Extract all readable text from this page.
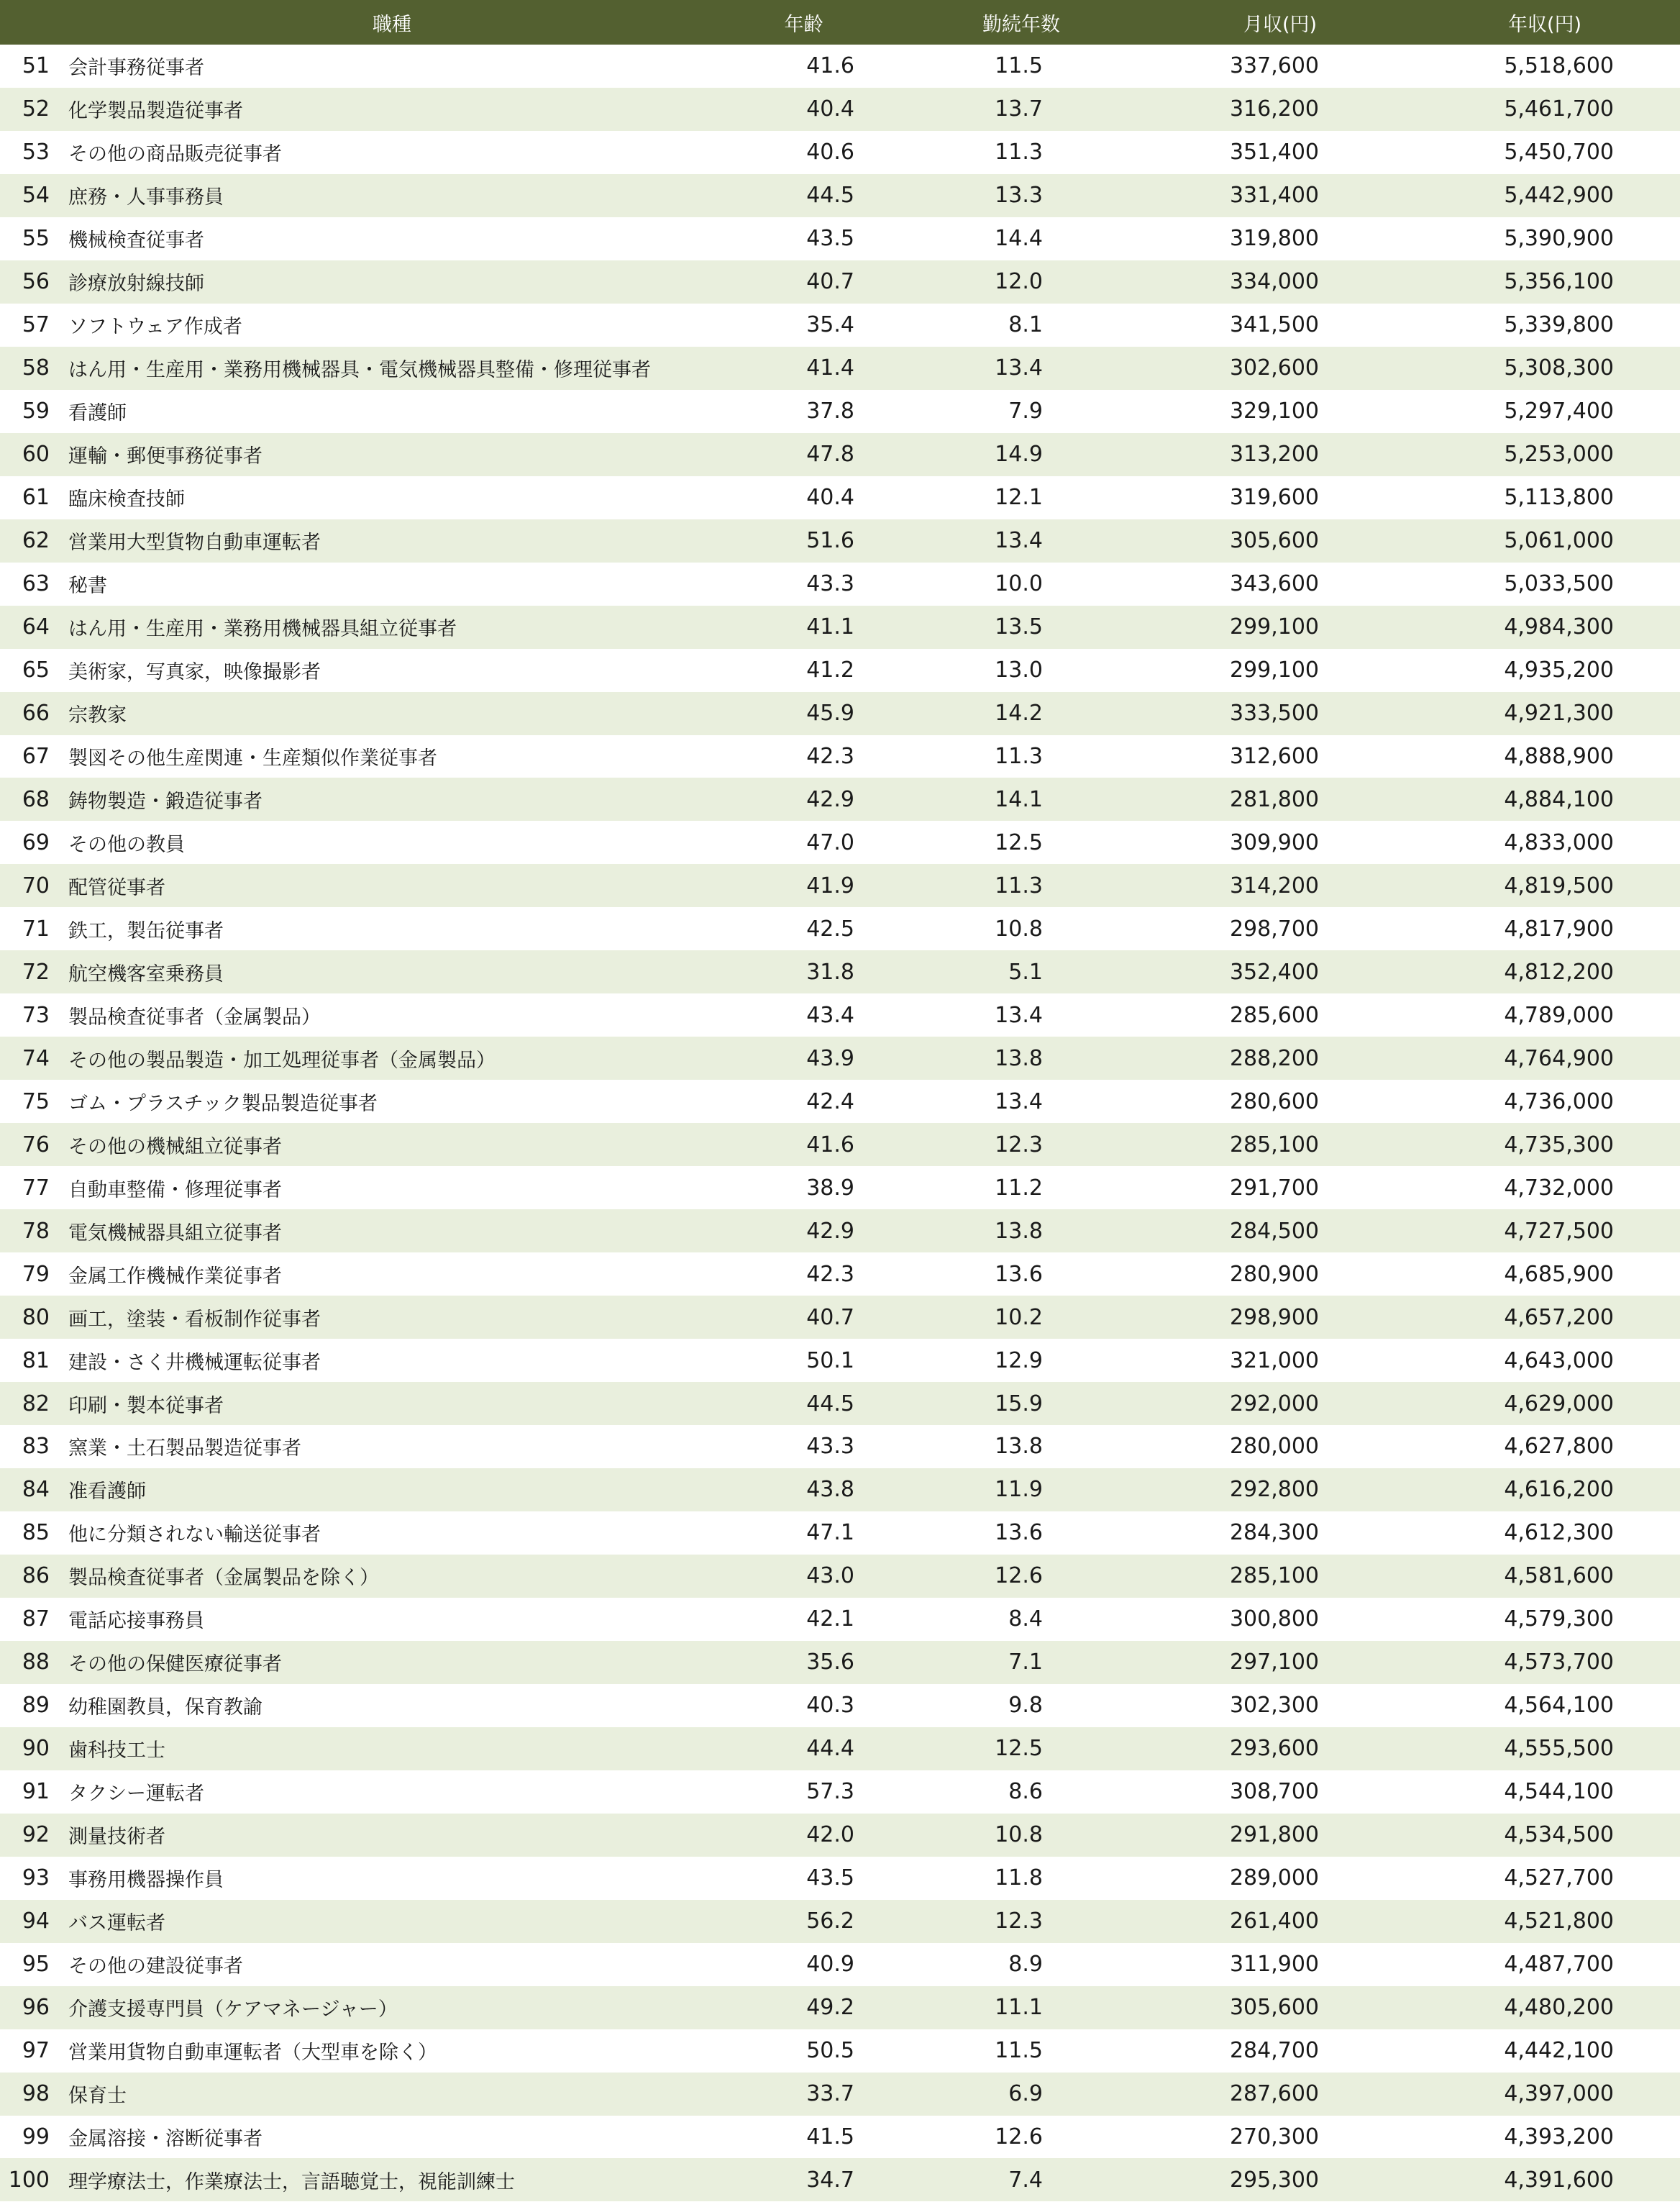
	職種	年齢	勤続年数	月収(円)	年収(円)
51	会計事務従事者	41.6	11.5	337,600	5,518,600
52	化学製品製造従事者	40.4	13.7	316,200	5,461,700
53	その他の商品販売従事者	40.6	11.3	351,400	5,450,700
54	庶務・人事事務員	44.5	13.3	331,400	5,442,900
55	機械検査従事者	43.5	14.4	319,800	5,390,900
56	診療放射線技師	40.7	12.0	334,000	5,356,100
57	ソフトウェア作成者	35.4	8.1	341,500	5,339,800
58	はん用・生産用・業務用機械器具・電気機械器具整備・修理従事者	41.4	13.4	302,600	5,308,300
59	看護師	37.8	7.9	329,100	5,297,400
60	運輸・郵便事務従事者	47.8	14.9	313,200	5,253,000
61	臨床検査技師	40.4	12.1	319,600	5,113,800
62	営業用大型貨物自動車運転者	51.6	13.4	305,600	5,061,000
63	秘書	43.3	10.0	343,600	5,033,500
64	はん用・生産用・業務用機械器具組立従事者	41.1	13.5	299,100	4,984,300
65	美術家，写真家，映像撮影者	41.2	13.0	299,100	4,935,200
66	宗教家	45.9	14.2	333,500	4,921,300
67	製図その他生産関連・生産類似作業従事者	42.3	11.3	312,600	4,888,900
68	鋳物製造・鍛造従事者	42.9	14.1	281,800	4,884,100
69	その他の教員	47.0	12.5	309,900	4,833,000
70	配管従事者	41.9	11.3	314,200	4,819,500
71	鉄工，製缶従事者	42.5	10.8	298,700	4,817,900
72	航空機客室乗務員	31.8	5.1	352,400	4,812,200
73	製品検査従事者（金属製品）	43.4	13.4	285,600	4,789,000
74	その他の製品製造・加工処理従事者（金属製品）	43.9	13.8	288,200	4,764,900
75	ゴム・プラスチック製品製造従事者	42.4	13.4	280,600	4,736,000
76	その他の機械組立従事者	41.6	12.3	285,100	4,735,300
77	自動車整備・修理従事者	38.9	11.2	291,700	4,732,000
78	電気機械器具組立従事者	42.9	13.8	284,500	4,727,500
79	金属工作機械作業従事者	42.3	13.6	280,900	4,685,900
80	画工，塗装・看板制作従事者	40.7	10.2	298,900	4,657,200
81	建設・さく井機械運転従事者	50.1	12.9	321,000	4,643,000
82	印刷・製本従事者	44.5	15.9	292,000	4,629,000
83	窯業・土石製品製造従事者	43.3	13.8	280,000	4,627,800
84	准看護師	43.8	11.9	292,800	4,616,200
85	他に分類されない輸送従事者	47.1	13.6	284,300	4,612,300
86	製品検査従事者（金属製品を除く）	43.0	12.6	285,100	4,581,600
87	電話応接事務員	42.1	8.4	300,800	4,579,300
88	その他の保健医療従事者	35.6	7.1	297,100	4,573,700
89	幼稚園教員，保育教諭	40.3	9.8	302,300	4,564,100
90	歯科技工士	44.4	12.5	293,600	4,555,500
91	タクシー運転者	57.3	8.6	308,700	4,544,100
92	測量技術者	42.0	10.8	291,800	4,534,500
93	事務用機器操作員	43.5	11.8	289,000	4,527,700
94	バス運転者	56.2	12.3	261,400	4,521,800
95	その他の建設従事者	40.9	8.9	311,900	4,487,700
96	介護支援専門員（ケアマネージャー）	49.2	11.1	305,600	4,480,200
97	営業用貨物自動車運転者（大型車を除く）	50.5	11.5	284,700	4,442,100
98	保育士	33.7	6.9	287,600	4,397,000
99	金属溶接・溶断従事者	41.5	12.6	270,300	4,393,200
100	理学療法士，作業療法士，言語聴覚士，視能訓練士	34.7	7.4	295,300	4,391,600
